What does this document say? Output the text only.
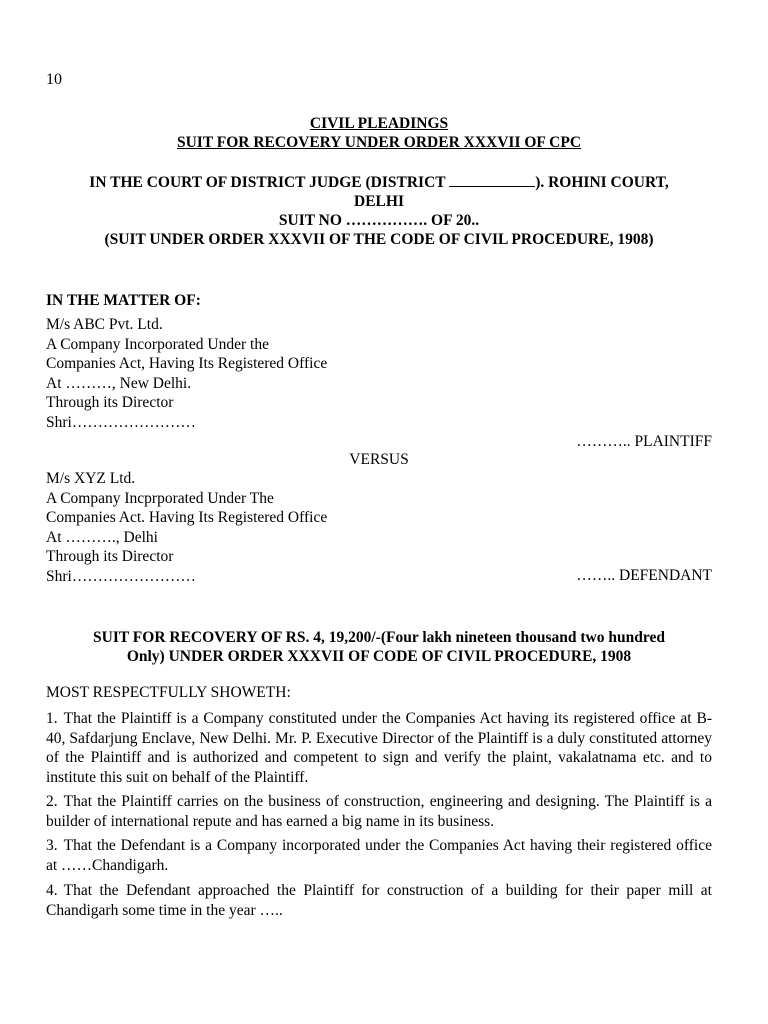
10
CIVIL PLEADINGS
SUIT FOR RECOVERY UNDER ORDER XXXVII OF CPC
IN THE COURT OF DISTRICT JUDGE (DISTRICT	). ROHINI COURT,
DELHI
SUIT NO ……………. OF 20..
(SUIT UNDER ORDER XXXVII OF THE CODE OF CIVIL PROCEDURE, 1908)
IN THE MATTER OF:
M/s ABC Pvt. Ltd.
A Company Incorporated Under the
Companies Act, Having Its Registered Office
At ………, New Delhi.
Through its Director
Shri……………………
……….. PLAINTIFF
VERSUS
M/s XYZ Ltd.
A Company Incprporated Under The
Companies Act. Having Its Registered Office
At ………., Delhi
Through its Director
Shri……………………	…….. DEFENDANT
SUIT FOR RECOVERY OF RS. 4, 19,200/-(Four lakh nineteen thousand two hundred
Only) UNDER ORDER XXXVII OF CODE OF CIVIL PROCEDURE, 1908
MOST RESPECTFULLY SHOWETH:
1. That the Plaintiff is a Company constituted under the Companies Act having its registered office at B-40, Safdarjung Enclave, New Delhi. Mr. P. Executive Director of the Plaintiff is a duly constituted attorney of the Plaintiff and is authorized and competent to sign and verify the plaint, vakalatnama etc. and to institute this suit on behalf of the Plaintiff.
2. That the Plaintiff carries on the business of construction, engineering and designing. The Plaintiff is a builder of international repute and has earned a big name in its business.
3. That the Defendant is a Company incorporated under the Companies Act having their registered office at ……Chandigarh.
4. That the Defendant approached the Plaintiff for construction of a building for their paper mill at Chandigarh some time in the year …..
